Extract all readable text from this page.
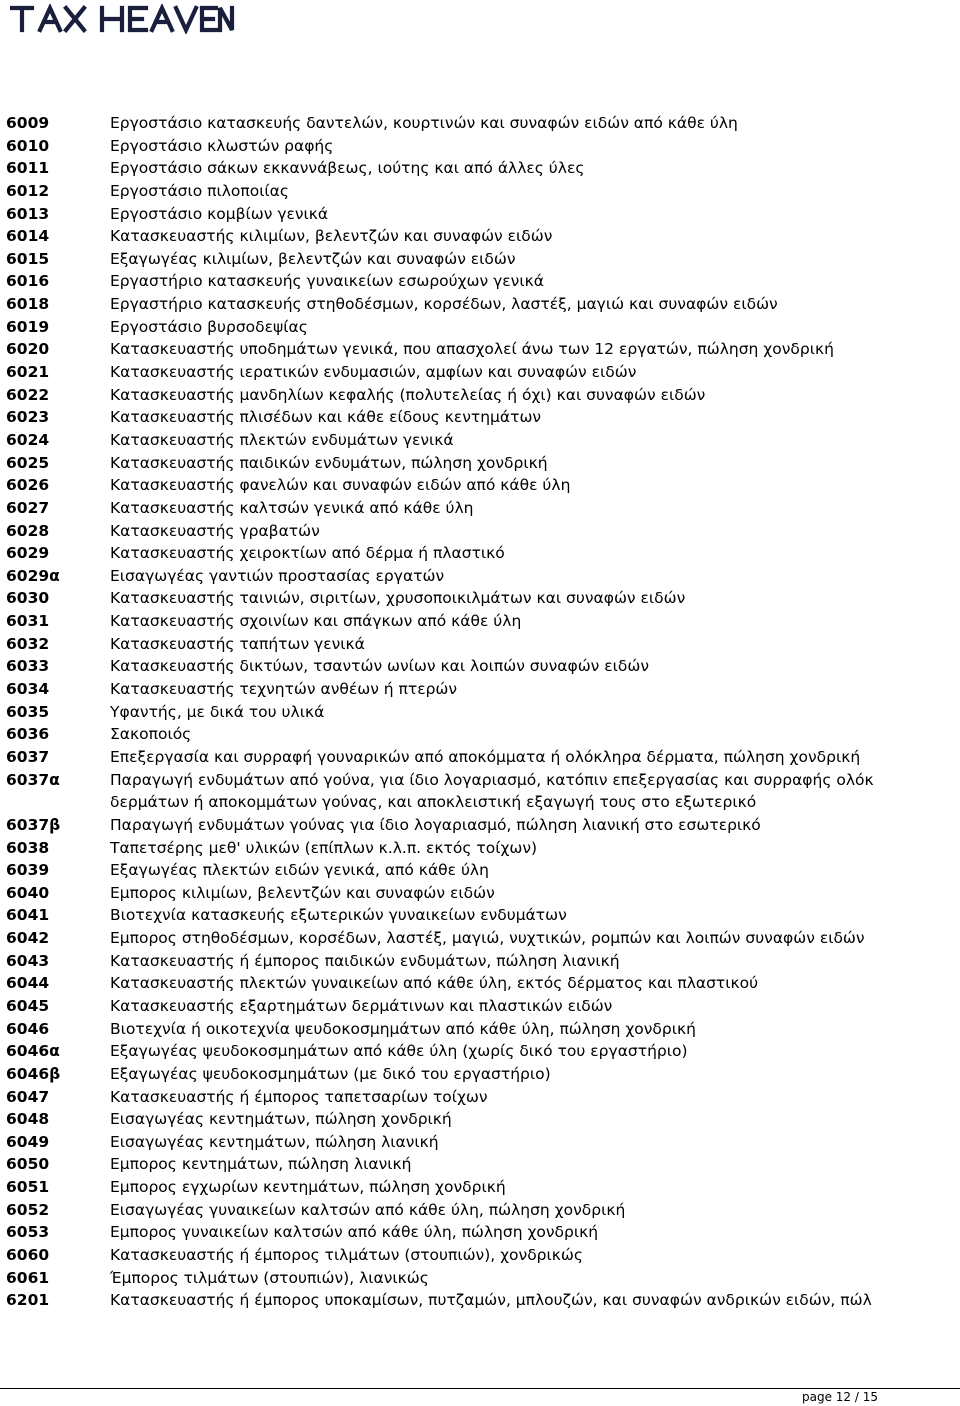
6009	Εργοστάσιο κατασκευής δαντελών, κουρτινών και συναφών ειδών από κάθε ύλη
6010	Εργοστάσιο κλωστών ραφής
6011	Εργοστάσιο σάκων εκκαννάβεως, ιούτης και από άλλες ύλες
6012	Εργοστάσιο πιλοποιίας
6013	Εργοστάσιο κομβίων γενικά
6014	Κατασκευαστής κιλιμίων, βελεντζών και συναφών ειδών
6015	Εξαγωγέας κιλιμίων, βελεντζών και συναφών ειδών
6016	Εργαστήριο κατασκευής γυναικείων εσωρούχων γενικά
6018	Εργαστήριο κατασκευής στηθοδέσμων, κορσέδων, λαστέξ, μαγιώ και συναφών ειδών
6019	Εργοστάσιο βυρσοδεψίας
6020	Κατασκευαστής υποδημάτων γενικά, που απασχολεί άνω των 12 εργατών, πώληση χονδρική
6021	Κατασκευαστής ιερατικών ενδυμασιών, αμφίων και συναφών ειδών
6022	Κατασκευαστής μανδηλίων κεφαλής (πολυτελείας ή όχι) και συναφών ειδών
6023	Κατασκευαστής πλισέδων και κάθε είδους κεντημάτων
6024	Κατασκευαστής πλεκτών ενδυμάτων γενικά
6025	Κατασκευαστής παιδικών ενδυμάτων, πώληση χονδρική
6026	Κατασκευαστής φανελών και συναφών ειδών από κάθε ύλη
6027	Κατασκευαστής καλτσών γενικά από κάθε ύλη
6028	Κατασκευαστής γραβατών
6029	Κατασκευαστής χειροκτίων από δέρμα ή πλαστικό
6029α	Εισαγωγέας γαντιών προστασίας εργατών
6030	Κατασκευαστής ταινιών, σιριτίων, χρυσοποικιλμάτων και συναφών ειδών
6031	Κατασκευαστής σχοινίων και σπάγκων από κάθε ύλη
6032	Κατασκευαστής ταπήτων γενικά
6033	Κατασκευαστής δικτύων, τσαντών ωνίων και λοιπών συναφών ειδών
6034	Κατασκευαστής τεχνητών ανθέων ή πτερών
6035	Υφαντής, με δικά του υλικά
6036	Σακοποιός
6037	Επεξεργασία και συρραφή γουναρικών από αποκόμματα ή ολόκληρα δέρματα, πώληση χονδρική
6037α	Παραγωγή ενδυμάτων από γούνα, για ίδιο λογαριασμό, κατόπιν επεξεργασίας και συρραφής ολόκ
δερμάτων ή αποκομμάτων γούνας, και αποκλειστική εξαγωγή τους στο εξωτερικό
6037β	Παραγωγή ενδυμάτων γούνας για ίδιο λογαριασμό, πώληση λιανική στο εσωτερικό
6038	Ταπετσέρης μεθ' υλικών (επίπλων κ.λ.π. εκτός τοίχων)
6039	Εξαγωγέας πλεκτών ειδών γενικά, από κάθε ύλη
6040	Εμπορος κιλιμίων, βελεντζών και συναφών ειδών
6041	Βιοτεχνία κατασκευής εξωτερικών γυναικείων ενδυμάτων
6042	Εμπορος στηθοδέσμων, κορσέδων, λαστέξ, μαγιώ, νυχτικών, ρομπών και λοιπών συναφών ειδών
6043	Κατασκευαστής ή έμπορος παιδικών ενδυμάτων, πώληση λιανική
6044	Κατασκευαστής πλεκτών γυναικείων από κάθε ύλη, εκτός δέρματος και πλαστικού
6045	Κατασκευαστής εξαρτημάτων δερμάτινων και πλαστικών ειδών
6046	Βιοτεχνία ή οικοτεχνία ψευδοκοσμημάτων από κάθε ύλη, πώληση χονδρική
6046α	Εξαγωγέας ψευδοκοσμημάτων από κάθε ύλη (χωρίς δικό του εργαστήριο)
6046β	Εξαγωγέας ψευδοκοσμημάτων (με δικό του εργαστήριο)
6047	Κατασκευαστής ή έμπορος ταπετσαρίων τοίχων
6048	Εισαγωγέας κεντημάτων, πώληση χονδρική
6049	Εισαγωγέας κεντημάτων, πώληση λιανική
6050	Εμπορος κεντημάτων, πώληση λιανική
6051	Εμπορος εγχωρίων κεντημάτων, πώληση χονδρική
6052	Εισαγωγέας γυναικείων καλτσών από κάθε ύλη, πώληση χονδρική
6053	Εμπορος γυναικείων καλτσών από κάθε ύλη, πώληση χονδρική
6060	Κατασκευαστής ή έμπορος τιλμάτων (στουπιών), χονδρικώς
6061	Έμπορος τιλμάτων (στουπιών), λιανικώς
6201	Κατασκευαστής ή έμπορος υποκαμίσων, πυτζαμών, μπλουζών, και συναφών ανδρικών ειδών, πώλ
page 12 / 15
